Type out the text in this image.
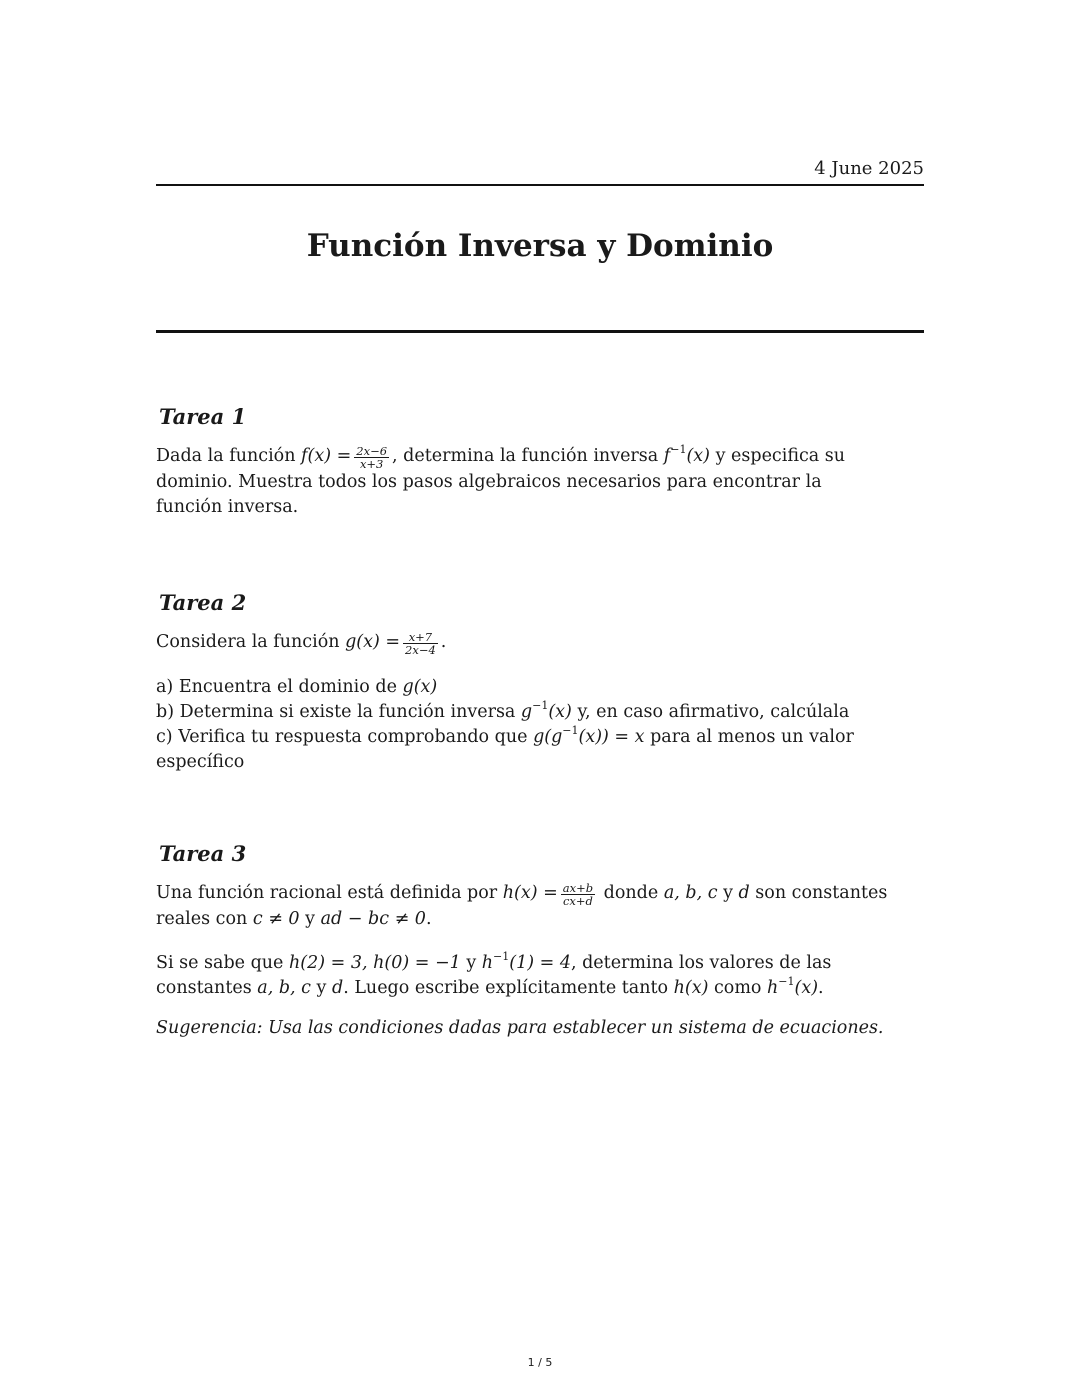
4 June 2025
Función Inversa y Dominio
Tarea 1
Dada la función $f(x) = \frac{2x-6}{x+3}$ , determina la función inversa $f^{-1}(x)$ y especifica su dominio. Muestra todos los pasos algebraicos necesarios para encontrar la función inversa.
Tarea 2
Considera la función $g(x) = \frac{x+7}{2x-4}$ .
a) Encuentra el dominio de g(x)
b) Determina si existe la función inversa $g^{-1}(x)$ y, en caso afirmativo, calcúlala
c) Verifica tu respuesta comprobando que $g(g^{-1}(x)) = x$ para al menos un valor específico
Tarea 3
Una función racional está definida por $h(x) = \frac{ax+b}{cx+d}$ donde a, b, c y d son constantes reales con c ≠ 0 y ad − bc ≠ 0.
Si se sabe que h(2) = 3, h(0) = −1 y $h^{-1}(1) = 4$, determina los valores de las constantes a, b, c y d. Luego escribe explícitamente tanto h(x) como $h^{-1}(x)$.
Sugerencia: Usa las condiciones dadas para establecer un sistema de ecuaciones.
1 / 5
